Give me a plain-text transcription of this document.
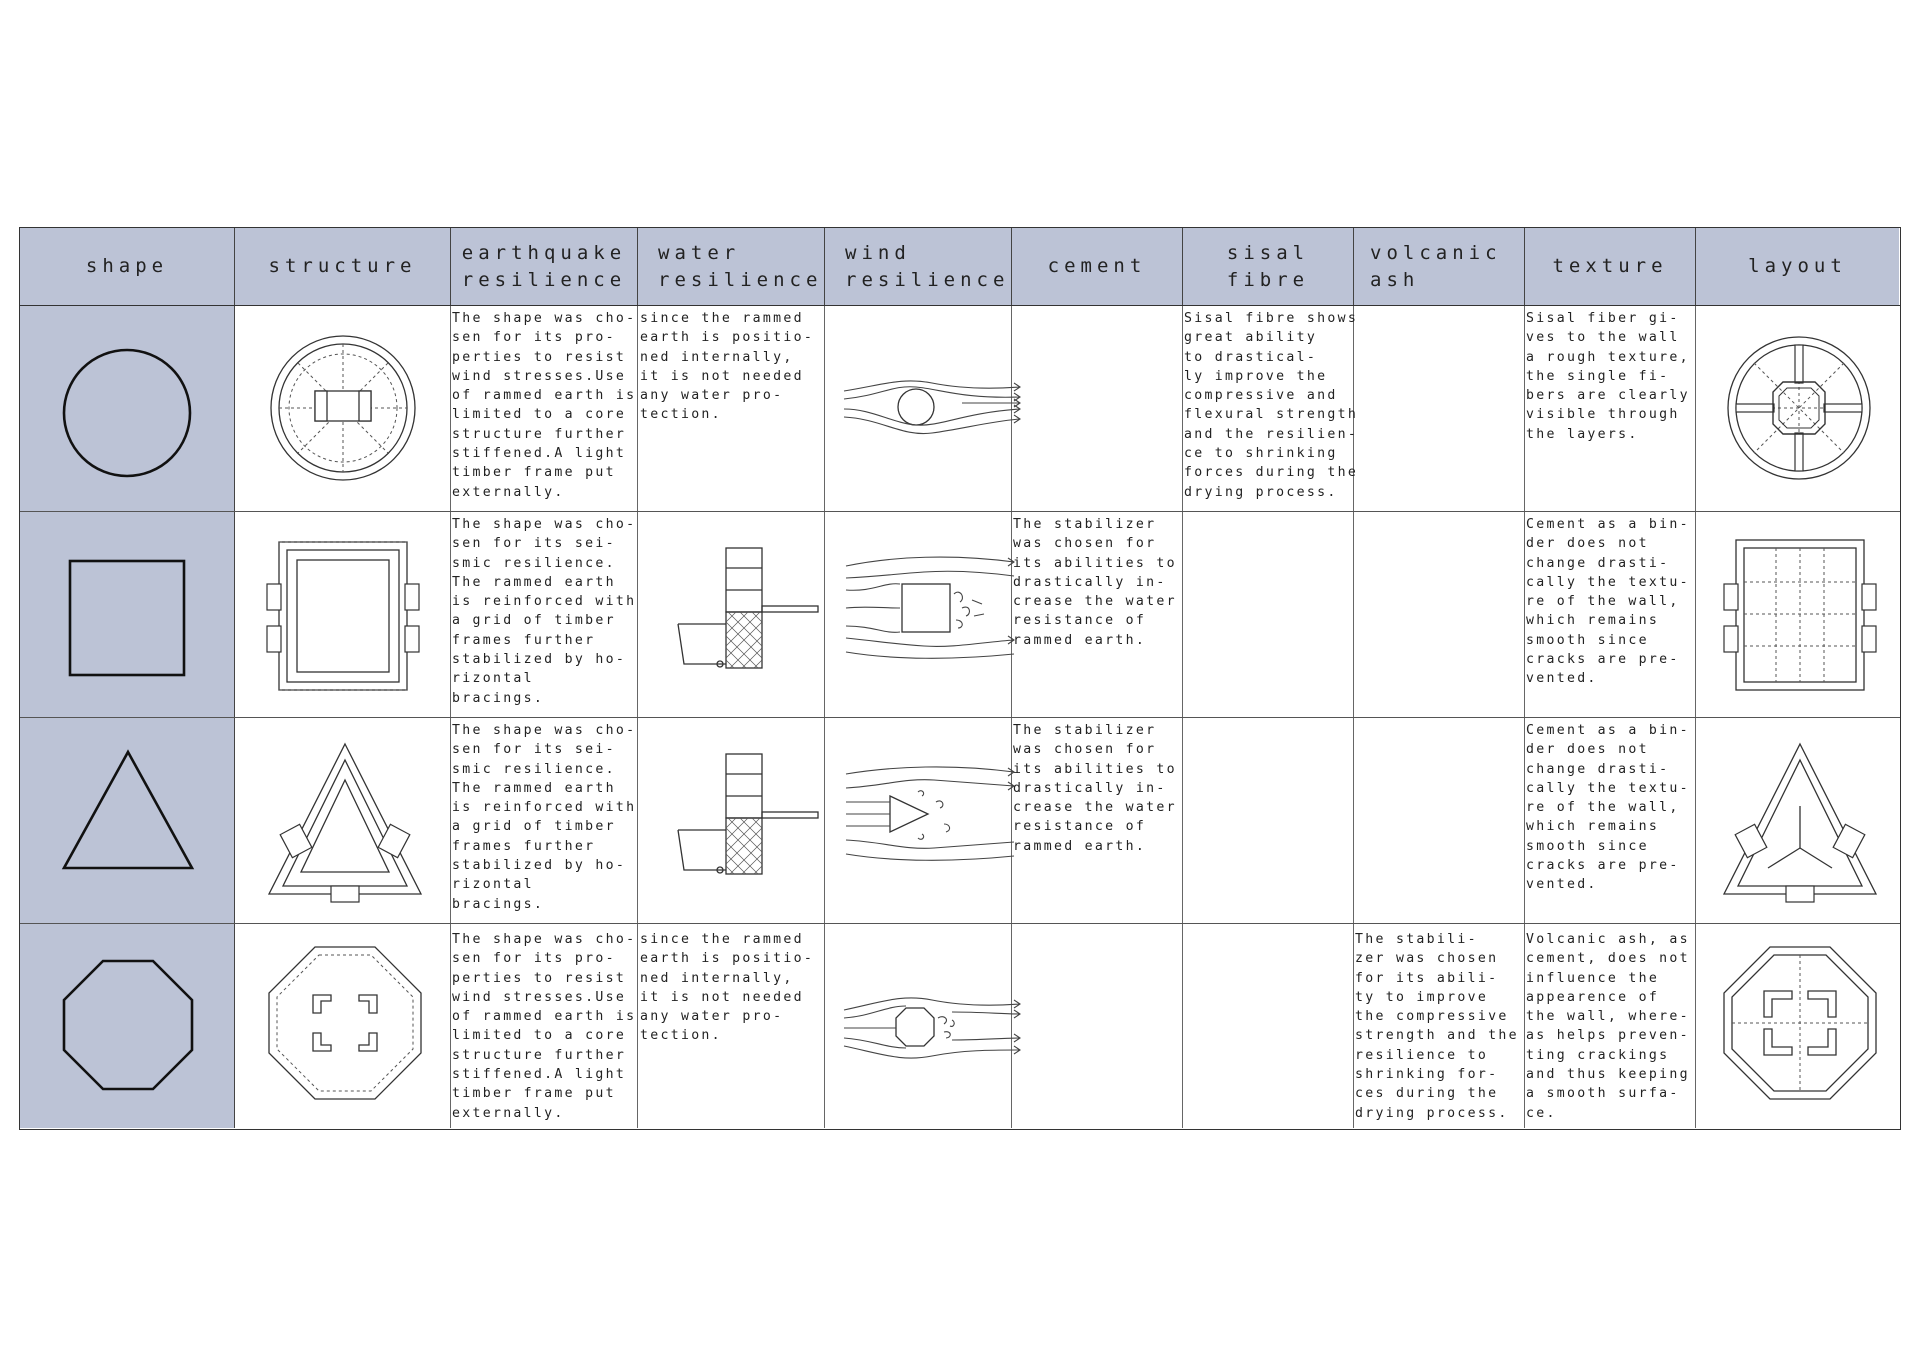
shape	structure
earthquake
resilience
water
resilience
wind
resilience
cement
sisal
fibre
volcanic
ash
texture	layout
The shape was cho-
sen for its pro-
perties to resist
wind stresses.Use
of rammed earth is
limited to a core
structure further
stiffened.A light
timber frame put
externally.
since the rammed
earth is positio-
ned internally,
it is not needed
any water pro-
tection.
Sisal fibre shows
great ability
to drastical-
ly improve the
compressive and
flexural strength
and the resilien-
ce to shrinking
forces during the
drying process.
Sisal fiber gi-
ves to the wall
a rough texture,
the single fi-
bers are clearly
visible through
the layers.
The shape was cho-
sen for its sei-
smic resilience.
The rammed earth
is reinforced with
a grid of timber
frames further
stabilized by ho-
rizontal
bracings.
The stabilizer
was chosen for
its abilities to
drastically in-
crease the water
resistance of
rammed earth.
Cement as a bin-
der does not
change drasti-
cally the textu-
re of the wall,
which remains
smooth since
cracks are pre-
vented.
The shape was cho-
sen for its sei-
smic resilience.
The rammed earth
is reinforced with
a grid of timber
frames further
stabilized by ho-
rizontal
bracings.
The stabilizer
was chosen for
its abilities to
drastically in-
crease the water
resistance of
rammed earth.
Cement as a bin-
der does not
change drasti-
cally the textu-
re of the wall,
which remains
smooth since
cracks are pre-
vented.
The shape was cho-
sen for its pro-
perties to resist
wind stresses.Use
of rammed earth is
limited to a core
structure further
stiffened.A light
timber frame put
externally.
since the rammed
earth is positio-
ned internally,
it is not needed
any water pro-
tection.
The stabili-
zer was chosen
for its abili-
ty to improve
the compressive
strength and the
resilience to
shrinking for-
ces during the
drying process.
Volcanic ash, as
cement, does not
influence the
appearence of
the wall, where-
as helps preven-
ting crackings
and thus keeping
a smooth surfa-
ce.
